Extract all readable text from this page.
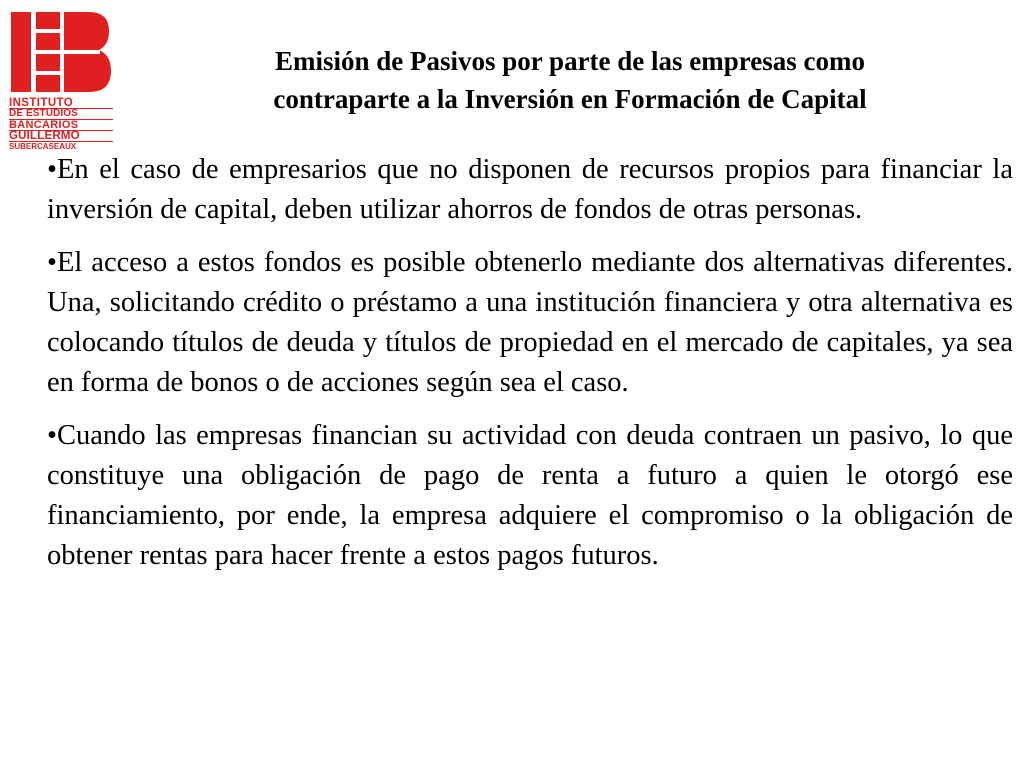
INSTITUTO
DE ESTUDIOS
BANCARIOS
GUILLERMO
SUBERCASEAUX
Emisión de Pasivos por parte de las empresas como
contraparte a la Inversión en Formación de Capital

•En el caso de empresarios que no disponen de recursos propios para financiar la inversión de capital, deben utilizar ahorros de fondos de otras personas.

•El acceso a estos fondos es posible obtenerlo mediante dos alternativas diferentes. Una, solicitando crédito o préstamo a una institución financiera y otra alternativa es colocando títulos de deuda y títulos de propiedad en el mercado de capitales, ya sea en forma de bonos o de acciones según sea el caso.

•Cuando las empresas financian su actividad con deuda contraen un pasivo, lo que constituye una obligación de pago de renta a futuro a quien le otorgó ese financiamiento, por ende, la empresa adquiere el compromiso o la obligación de obtener rentas para hacer frente a estos pagos futuros.
